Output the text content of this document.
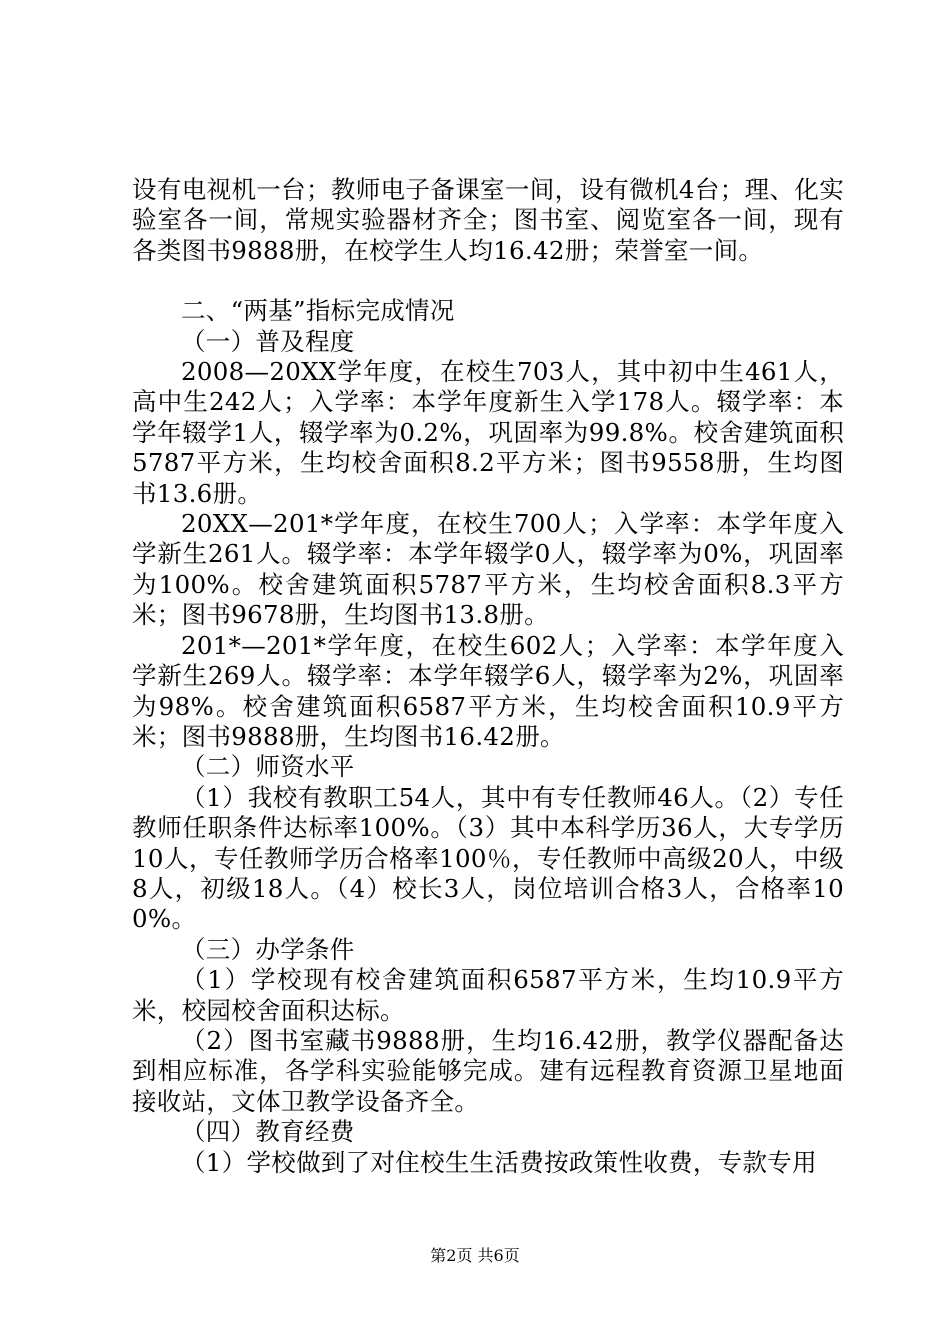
设有电视机一台；教师电子备课室一间，设有微机4台；理、化实验室各一间，常规实验器材齐全；图书室、阅览室各一间，现有各类图书9888册，在校学生人均16.42册；荣誉室一间。

二、“两基”指标完成情况

（一）普及程度

2008—20XX学年度，在校生703人，其中初中生461人，高中生242人；入学率：本学年度新生入学178人。辍学率：本学年辍学1人，辍学率为0.2%，巩固率为99.8%。校舍建筑面积5787平方米，生均校舍面积8.2平方米；图书9558册，生均图书13.6册。

20XX—201*学年度，在校生700人；入学率：本学年度入学新生261人。辍学率：本学年辍学0人，辍学率为0%，巩固率为100%。校舍建筑面积5787平方米，生均校舍面积8.3平方米；图书9678册，生均图书13.8册。

201*—201*学年度，在校生602人；入学率：本学年度入学新生269人。辍学率：本学年辍学6人，辍学率为2%，巩固率为98%。校舍建筑面积6587平方米，生均校舍面积10.9平方米；图书9888册，生均图书16.42册。

（二）师资水平

（1）我校有教职工54人，其中有专任教师46人。（2）专任教师任职条件达标率100%。（3）其中本科学历36人，大专学历10人，专任教师学历合格率100％，专任教师中高级20人，中级8人，初级18人。（4）校长3人，岗位培训合格3人，合格率100%。

（三）办学条件

（1）学校现有校舍建筑面积6587平方米，生均10.9平方米，校园校舍面积达标。

（2）图书室藏书9888册，生均16.42册，教学仪器配备达到相应标准，各学科实验能够完成。建有远程教育资源卫星地面接收站，文体卫教学设备齐全。

（四）教育经费

（1）学校做到了对住校生生活费按政策性收费，专款专用

第2页 共6页
